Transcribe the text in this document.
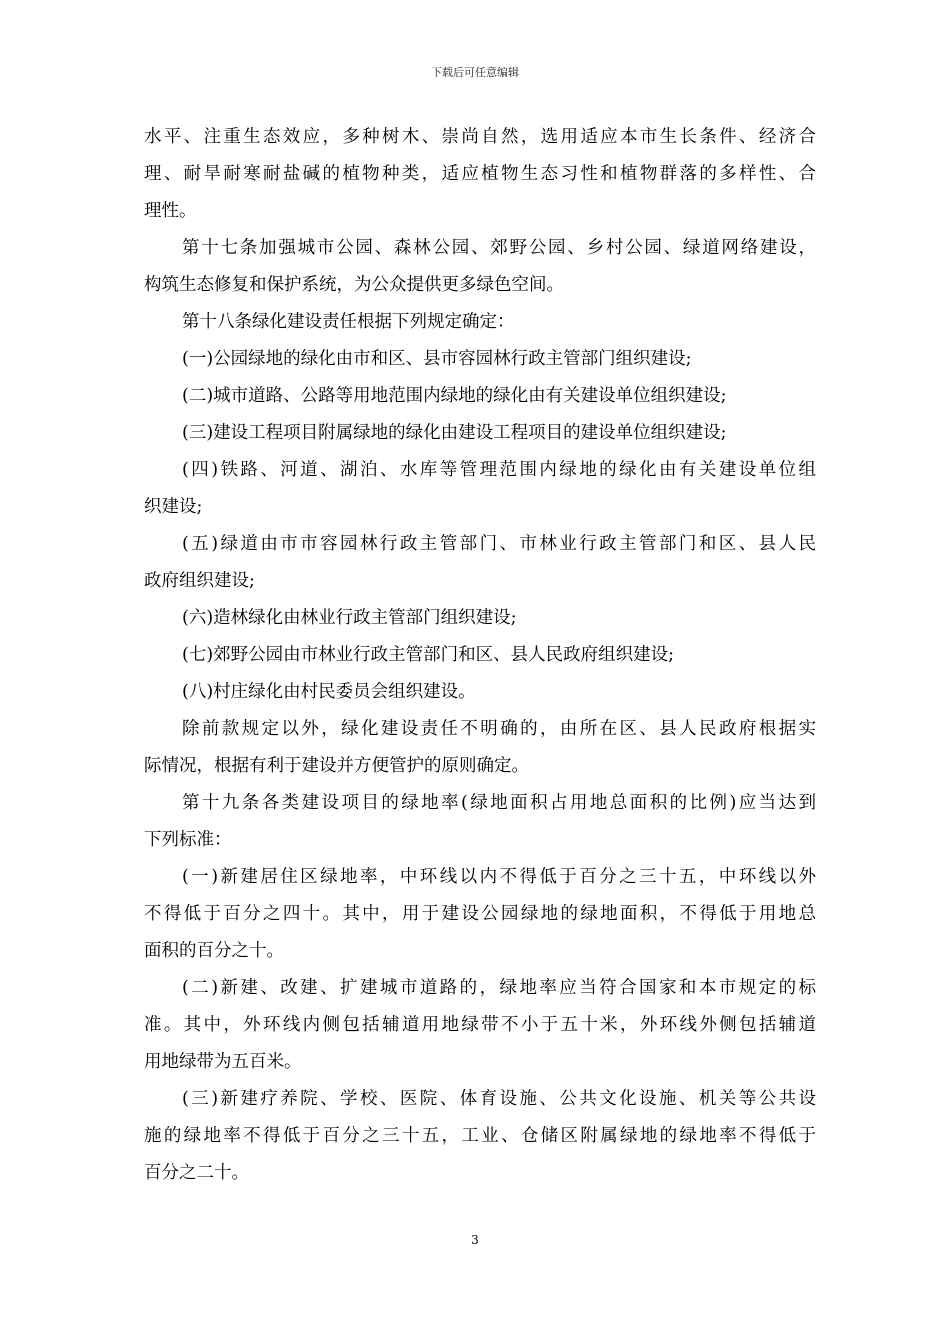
下载后可任意编辑
水平、注重生态效应，多种树木、崇尚自然，选用适应本市生长条件、经济合
理、耐旱耐寒耐盐碱的植物种类，适应植物生态习性和植物群落的多样性、合
理性。
第十七条加强城市公园、森林公园、郊野公园、乡村公园、绿道网络建设，
构筑生态修复和保护系统，为公众提供更多绿色空间。
第十八条绿化建设责任根据下列规定确定：
(一)公园绿地的绿化由市和区、县市容园林行政主管部门组织建设;
(二)城市道路、公路等用地范围内绿地的绿化由有关建设单位组织建设;
(三)建设工程项目附属绿地的绿化由建设工程项目的建设单位组织建设;
(四)铁路、河道、湖泊、水库等管理范围内绿地的绿化由有关建设单位组
织建设;
(五)绿道由市市容园林行政主管部门、市林业行政主管部门和区、县人民
政府组织建设;
(六)造林绿化由林业行政主管部门组织建设;
(七)郊野公园由市林业行政主管部门和区、县人民政府组织建设;
(八)村庄绿化由村民委员会组织建设。
除前款规定以外，绿化建设责任不明确的，由所在区、县人民政府根据实
际情况，根据有利于建设并方便管护的原则确定。
第十九条各类建设项目的绿地率(绿地面积占用地总面积的比例)应当达到
下列标准：
(一)新建居住区绿地率，中环线以内不得低于百分之三十五，中环线以外
不得低于百分之四十。其中，用于建设公园绿地的绿地面积，不得低于用地总
面积的百分之十。
(二)新建、改建、扩建城市道路的，绿地率应当符合国家和本市规定的标
准。其中，外环线内侧包括辅道用地绿带不小于五十米，外环线外侧包括辅道
用地绿带为五百米。
(三)新建疗养院、学校、医院、体育设施、公共文化设施、机关等公共设
施的绿地率不得低于百分之三十五，工业、仓储区附属绿地的绿地率不得低于
百分之二十。
3
